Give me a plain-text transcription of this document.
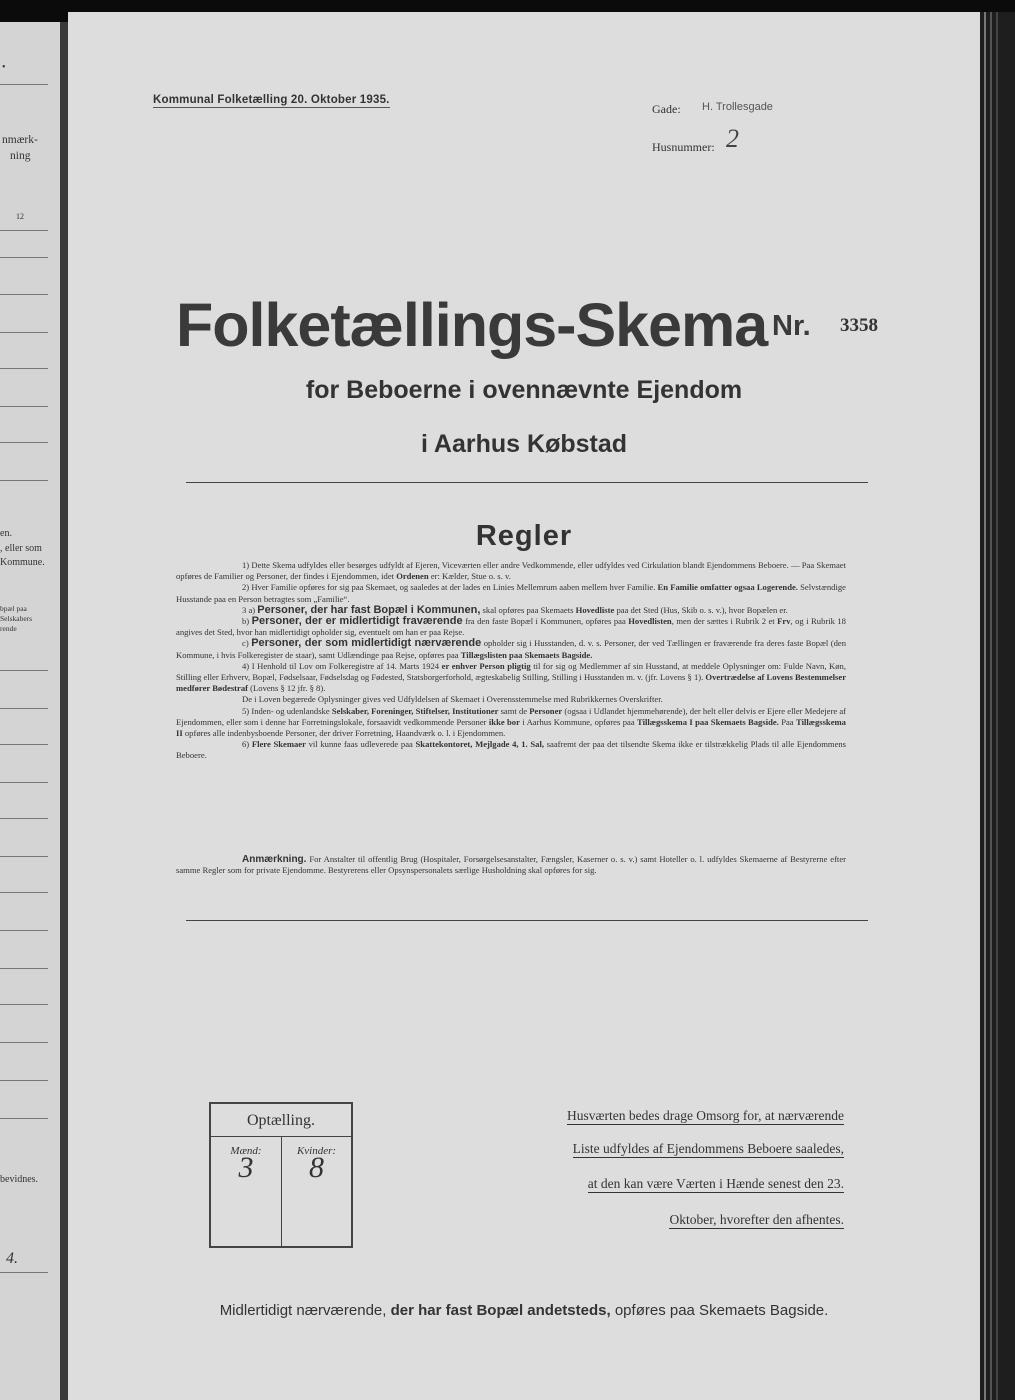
•
nmærk-
ning
12
en.
, eller som
Kommune.
bpæl paa
Selskabers
rende
bevidnes.
4.
Kommunal Folketælling 20. Oktober 1935.
Gade: H. Trollesgade
Husnummer: 2
Folketællings-Skema Nr. 3358
for Beboerne i ovennævnte Ejendom
i Aarhus Købstad
Regler

1) Dette Skema udfyldes eller besørges udfyldt af Ejeren, Viceværten eller andre Vedkommende, eller udfyldes ved Cirkulation blandt Ejendommens Beboere. — Paa Skemaet opføres de Familier og Personer, der findes i Ejendommen, idet Ordenen er: Kælder, Stue o. s. v.

2) Hver Familie opføres for sig paa Skemaet, og saaledes at der lades en Linies Mellemrum aaben mellem hver Familie. En Familie omfatter ogsaa Logerende. Selvstændige Husstande paa en Person betragtes som „Familie“.

3 a) Personer, der har fast Bopæl i Kommunen, skal opføres paa Skemaets Hovedliste paa det Sted (Hus, Skib o. s. v.), hvor Bopælen er.

b) Personer, der er midlertidigt fraværende fra den faste Bopæl i Kommunen, opføres paa Hovedlisten, men der sættes i Rubrik 2 et Frv, og i Rubrik 18 angives det Sted, hvor han midlertidigt opholder sig, eventuelt om han er paa Rejse.

c) Personer, der som midlertidigt nærværende opholder sig i Husstanden, d. v. s. Personer, der ved Tællingen er fraværende fra deres faste Bopæl (den Kommune, i hvis Folkeregister de staar), samt Udlændinge paa Rejse, opføres paa Tillægslisten paa Skemaets Bagside.

4) I Henhold til Lov om Folkeregistre af 14. Marts 1924 er enhver Person pligtig til for sig og Medlemmer af sin Husstand, at meddele Oplysninger om: Fulde Navn, Køn, Stilling eller Erhverv, Bopæl, Fødselsaar, Fødselsdag og Fødested, Statsborgerforhold, ægteskabelig Stilling, Stilling i Husstanden m. v. (jfr. Lovens § 1). Overtrædelse af Lovens Bestemmelser medfører Bødestraf (Lovens § 12 jfr. § 8).

De i Loven begærede Oplysninger gives ved Udfyldelsen af Skemaet i Overensstemmelse med Rubrikkernes Overskrifter.

5) Inden- og udenlandske Selskaber, Foreninger, Stiftelser, Institutioner samt de Personer (ogsaa i Udlandet hjemmehørende), der helt eller delvis er Ejere eller Medejere af Ejendommen, eller som i denne har Forretningslokale, forsaavidt vedkommende Personer ikke bor i Aarhus Kommune, opføres paa Tillægsskema I paa Skemaets Bagside. Paa Tillægsskema II opføres alle indenbysboende Personer, der driver Forretning, Haandværk o. l. i Ejendommen.

6) Flere Skemaer vil kunne faas udleverede paa Skattekontoret, Mejlgade 4, 1. Sal, saafremt der paa det tilsendte Skema ikke er tilstrækkelig Plads til alle Ejendommens Beboere.

Anmærkning. For Anstalter til offentlig Brug (Hospitaler, Forsørgelsesanstalter, Fængsler, Kaserner o. s. v.) samt Hoteller o. l. udfyldes Skemaerne af Bestyrerne efter samme Regler som for private Ejendomme. Bestyrerens eller Opsynspersonalets særlige Husholdning skal opføres for sig.

Optælling.
Mænd:
3	Kvinder:
8
Husværten bedes drage Omsorg for, at nærværende
Liste udfyldes af Ejendommens Beboere saaledes,
at den kan være Værten i Hænde senest den 23.
Oktober, hvorefter den afhentes.
Midlertidigt nærværende, der har fast Bopæl andetsteds, opføres paa Skemaets Bagside.
